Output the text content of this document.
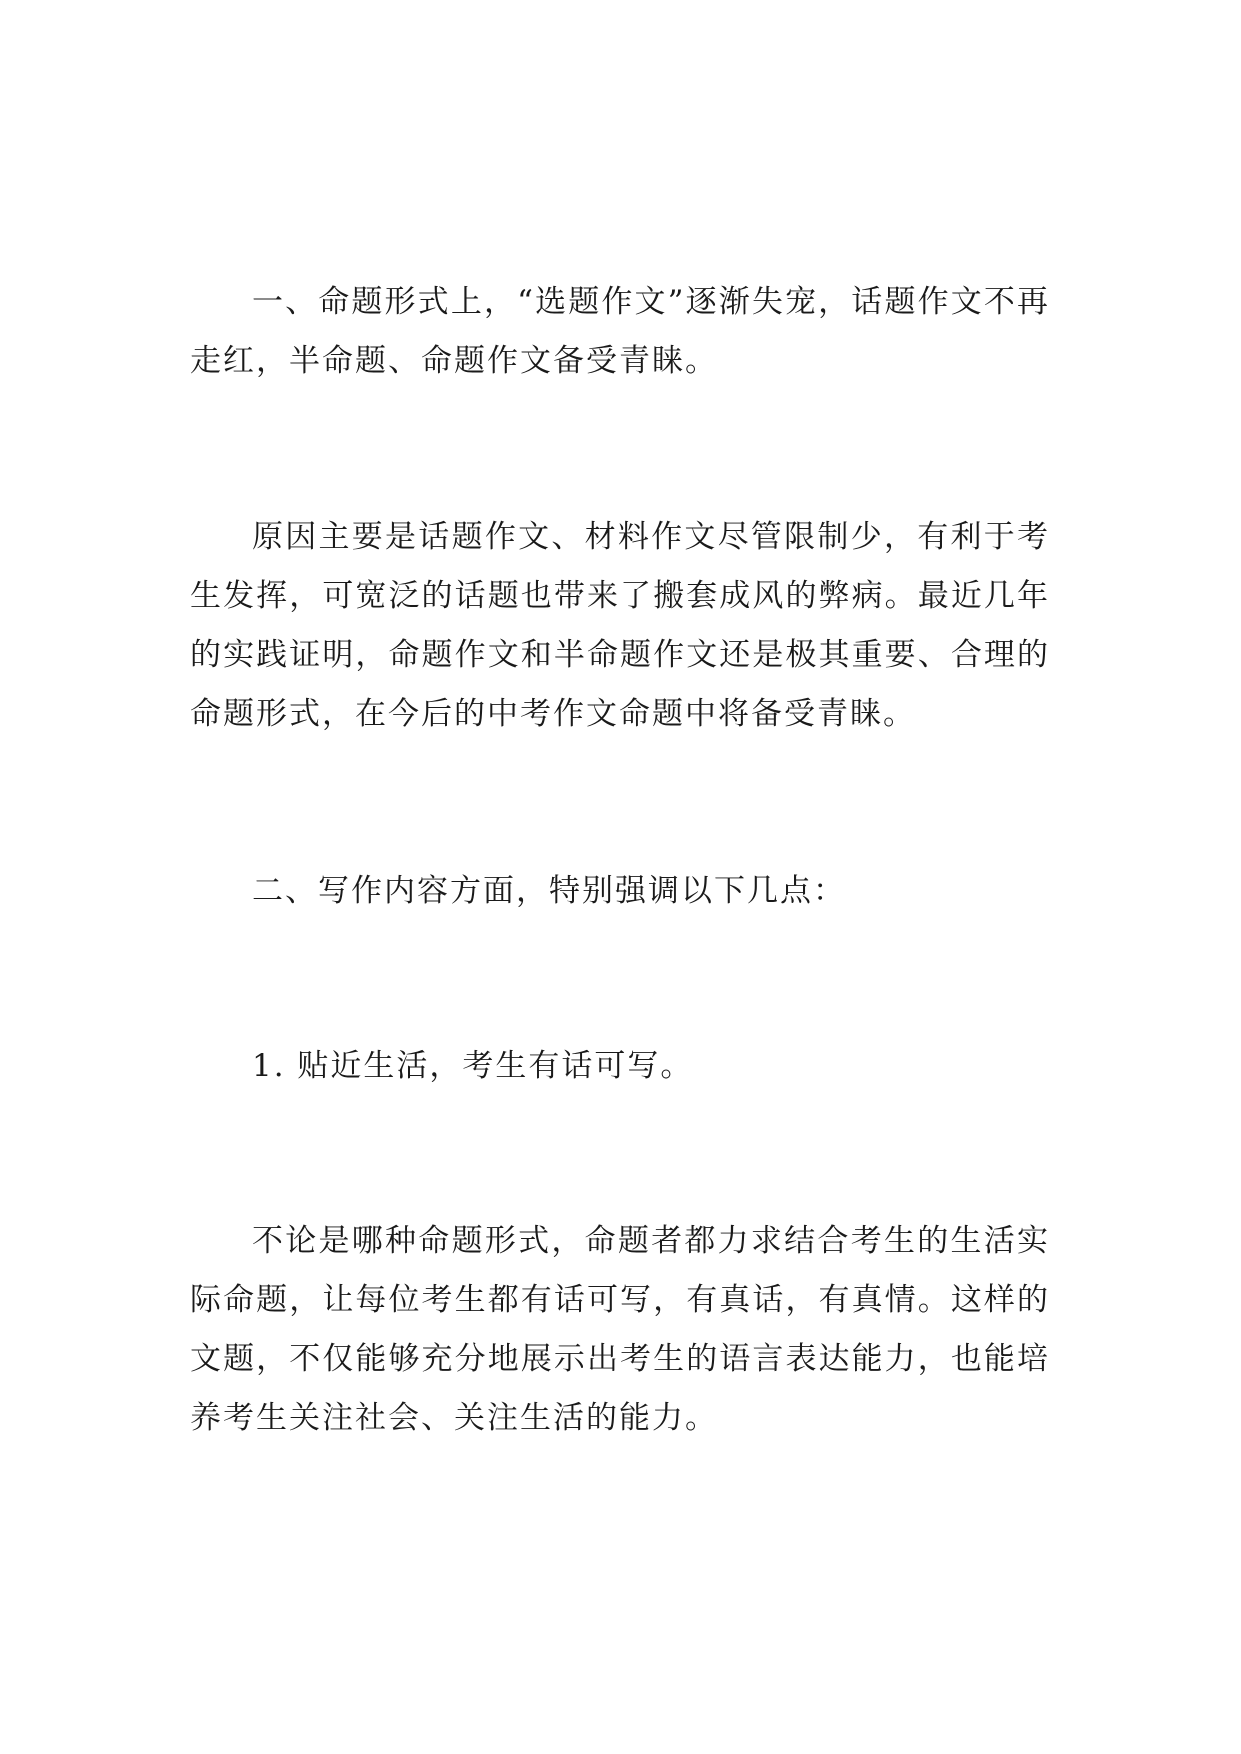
一、命题形式上，“选题作文”逐渐失宠，话题作文不再走红，半命题、命题作文备受青睐。

原因主要是话题作文、材料作文尽管限制少，有利于考生发挥，可宽泛的话题也带来了搬套成风的弊病。最近几年的实践证明，命题作文和半命题作文还是极其重要、合理的命题形式，在今后的中考作文命题中将备受青睐。

二、写作内容方面，特别强调以下几点：

1. 贴近生活，考生有话可写。

不论是哪种命题形式，命题者都力求结合考生的生活实际命题，让每位考生都有话可写，有真话，有真情。这样的文题，不仅能够充分地展示出考生的语言表达能力，也能培养考生关注社会、关注生活的能力。
